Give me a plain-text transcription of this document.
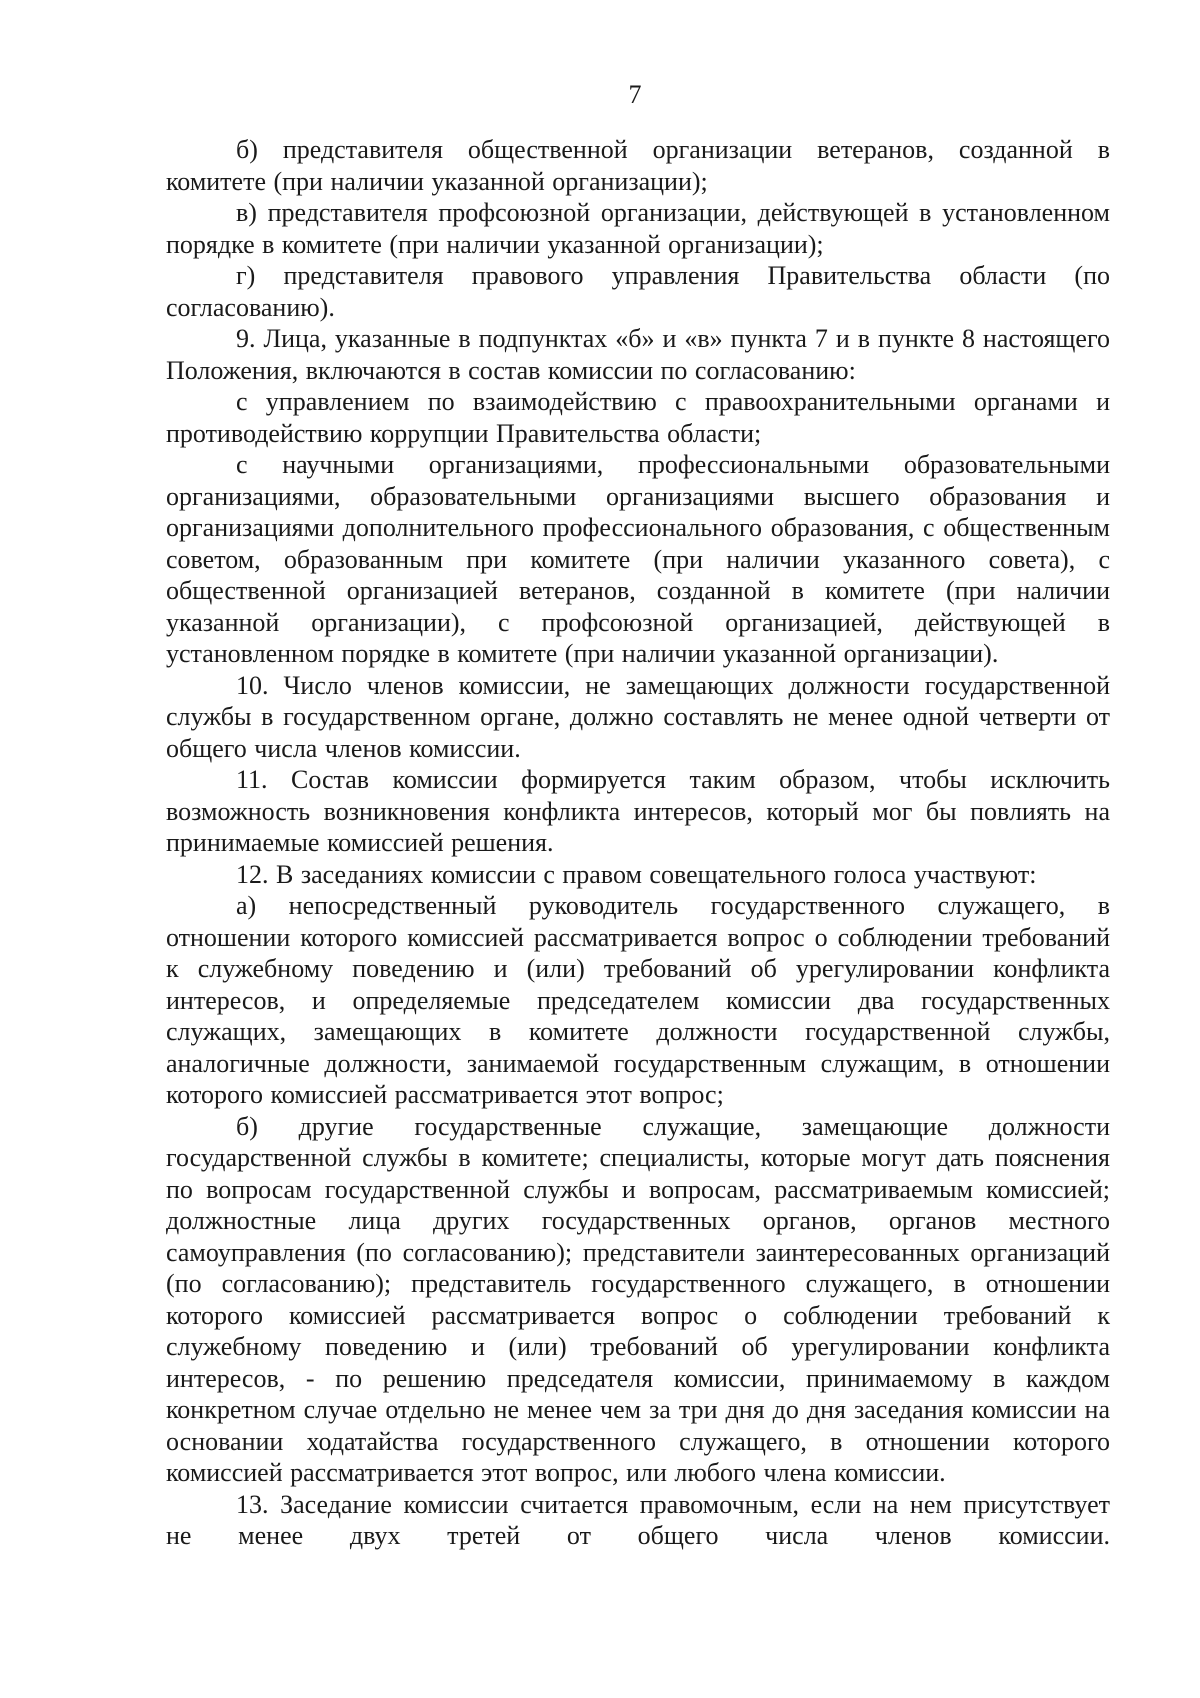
7

б) представителя общественной организации ветеранов, созданной в комитете (при наличии указанной организации);

в) представителя профсоюзной организации, действующей в установленном порядке в комитете (при наличии указанной организации);

г) представителя правового управления Правительства области (по согласованию).

9. Лица, указанные в подпунктах «б» и «в» пункта 7 и в пункте 8 настоящего Положения, включаются в состав комиссии по согласованию:

с управлением по взаимодействию с правоохранительными органами и противодействию коррупции Правительства области;

с научными организациями, профессиональными образовательными организациями, образовательными организациями высшего образования и организациями дополнительного профессионального образования, с общественным советом, образованным при комитете (при наличии указанного совета), с общественной организацией ветеранов, созданной в комитете (при наличии указанной организации), с профсоюзной организацией, действующей в установленном порядке в комитете (при наличии указанной организации).

10. Число членов комиссии, не замещающих должности государственной службы в государственном органе, должно составлять не менее одной четверти от общего числа членов комиссии.

11. Состав комиссии формируется таким образом, чтобы исключить возможность возникновения конфликта интересов, который мог бы повлиять на принимаемые комиссией решения.

12. В заседаниях комиссии с правом совещательного голоса участвуют:

а) непосредственный руководитель государственного служащего, в отношении которого комиссией рассматривается вопрос о соблюдении требований к служебному поведению и (или) требований об урегулировании конфликта интересов, и определяемые председателем комиссии два государственных служащих, замещающих в комитете должности государственной службы, аналогичные должности, занимаемой государственным служащим, в отношении которого комиссией рассматривается этот вопрос;

б) другие государственные служащие, замещающие должности государственной службы в комитете; специалисты, которые могут дать пояснения по вопросам государственной службы и вопросам, рассматриваемым комиссией; должностные лица других государственных органов, органов местного самоуправления (по согласованию); представители заинтересованных организаций (по согласованию); представитель государственного служащего, в отношении которого комиссией рассматривается вопрос о соблюдении требований к служебному поведению и (или) требований об урегулировании конфликта интересов, - по решению председателя комиссии, принимаемому в каждом конкретном случае отдельно не менее чем за три дня до дня заседания комиссии на основании ходатайства государственного служащего, в отношении которого комиссией рассматривается этот вопрос, или любого члена комиссии.

13. Заседание комиссии считается правомочным, если на нем присутствует не менее двух третей от общего числа членов комиссии.
